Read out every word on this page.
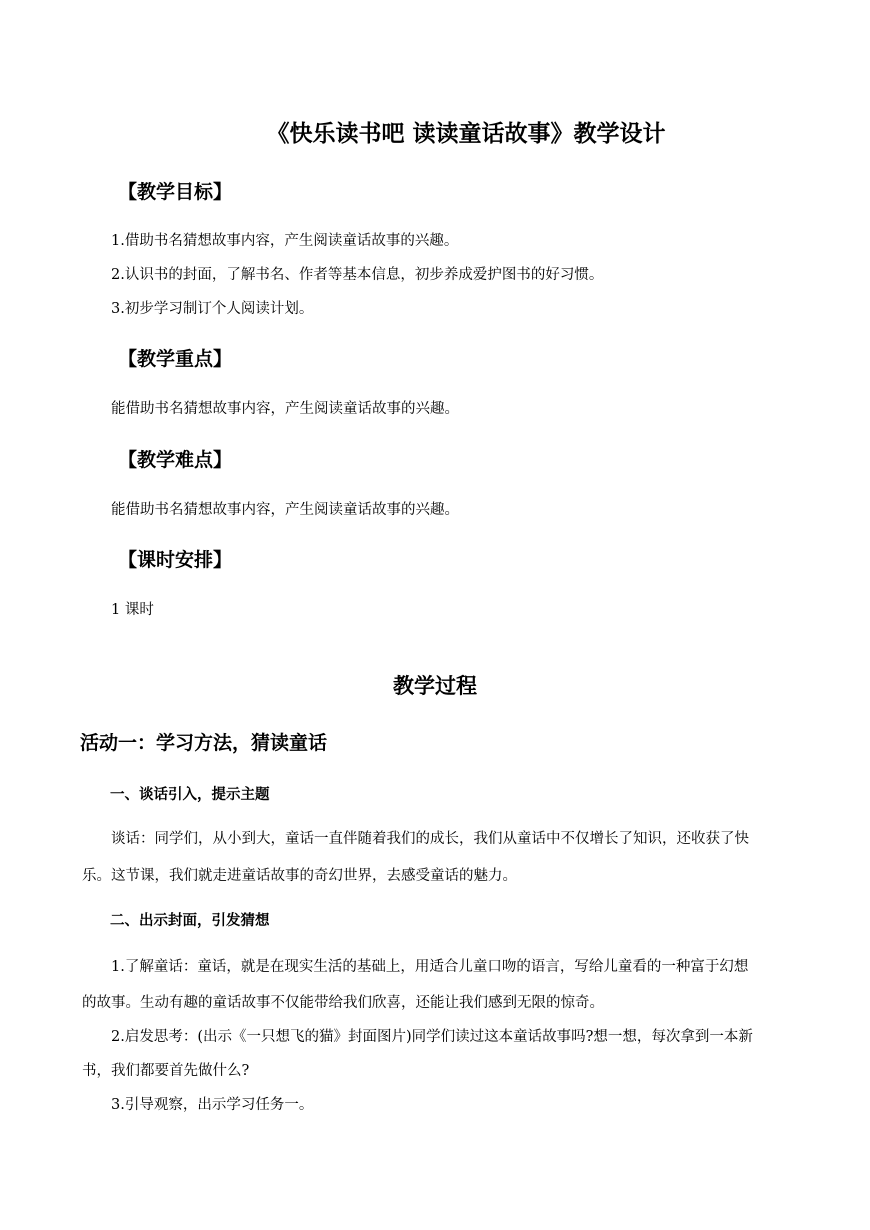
《快乐读书吧 读读童话故事》教学设计
【教学目标】

1.借助书名猜想故事内容，产生阅读童话故事的兴趣。

2.认识书的封面，了解书名、作者等基本信息，初步养成爱护图书的好习惯。

3.初步学习制订个人阅读计划。

【教学重点】

能借助书名猜想故事内容，产生阅读童话故事的兴趣。

【教学难点】

能借助书名猜想故事内容，产生阅读童话故事的兴趣。

【课时安排】

1 课时

教学过程
活动一：学习方法，猜读童话
一、谈话引入，提示主题

谈话：同学们，从小到大，童话一直伴随着我们的成长，我们从童话中不仅增长了知识，还收获了快

乐。这节课，我们就走进童话故事的奇幻世界，去感受童话的魅力。

二、出示封面，引发猜想

1.了解童话：童话，就是在现实生活的基础上，用适合儿童口吻的语言，写给儿童看的一种富于幻想

的故事。生动有趣的童话故事不仅能带给我们欣喜，还能让我们感到无限的惊奇。

2.启发思考：(出示《一只想飞的猫》封面图片)同学们读过这本童话故事吗?想一想，每次拿到一本新

书，我们都要首先做什么?

3.引导观察，出示学习任务一。
